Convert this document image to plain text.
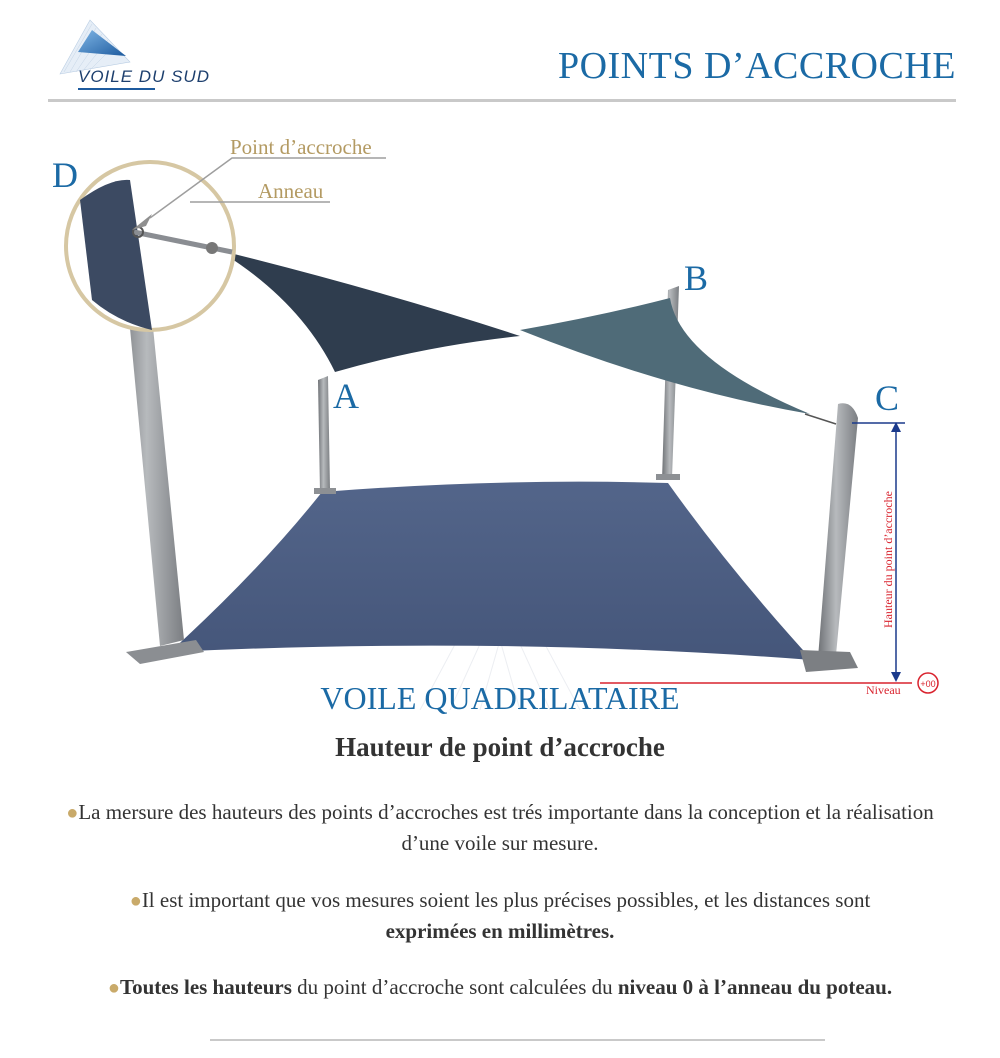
VOILE DU SUD	POINTS D’ACCROCHE
Point d’accroche
Anneau
D
B
A	C
Hauteur du point d’accroche
Niveau +00
VOILE QUADRILATAIRE
Hauteur de point d’accroche
●La mersure des hauteurs des points d’accroches est trés importante dans la conception et la réalisation d’une voile sur mesure.
●Il est important que vos mesures soient les plus précises possibles, et les distances sont
exprimées en millimètres.
●Toutes les hauteurs du point d’accroche sont calculées du niveau 0 à l’anneau du poteau.
